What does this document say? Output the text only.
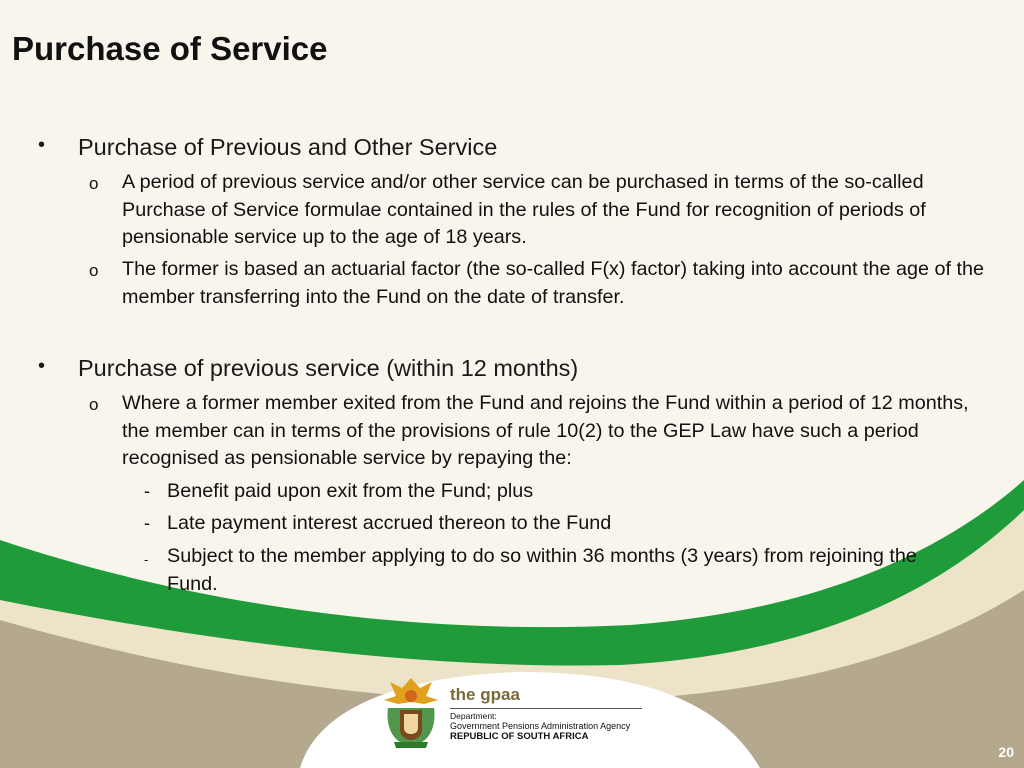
Purchase of Service
• Purchase of Previous and Other Service
o A period of previous service and/or other service can be purchased in terms of the so-called Purchase of Service formulae contained in the rules of the Fund for recognition of periods of pensionable service up to the age of 18 years.
o The former is based an actuarial factor (the so-called F(x) factor) taking into account the age of the member transferring into the Fund on the date of transfer.
• Purchase of previous service (within 12 months)
o Where a former member exited from the Fund and rejoins the Fund within a period of 12 months, the member can in terms of the provisions of rule 10(2) to the GEP Law have such a period recognised as pensionable service by repaying the:
- Benefit paid upon exit from the Fund; plus
- Late payment interest accrued thereon to the Fund
- Subject to the member applying to do so within 36 months (3 years) from rejoining the Fund.
the gpaa
Department:
Government Pensions Administration Agency
REPUBLIC OF SOUTH AFRICA
20
